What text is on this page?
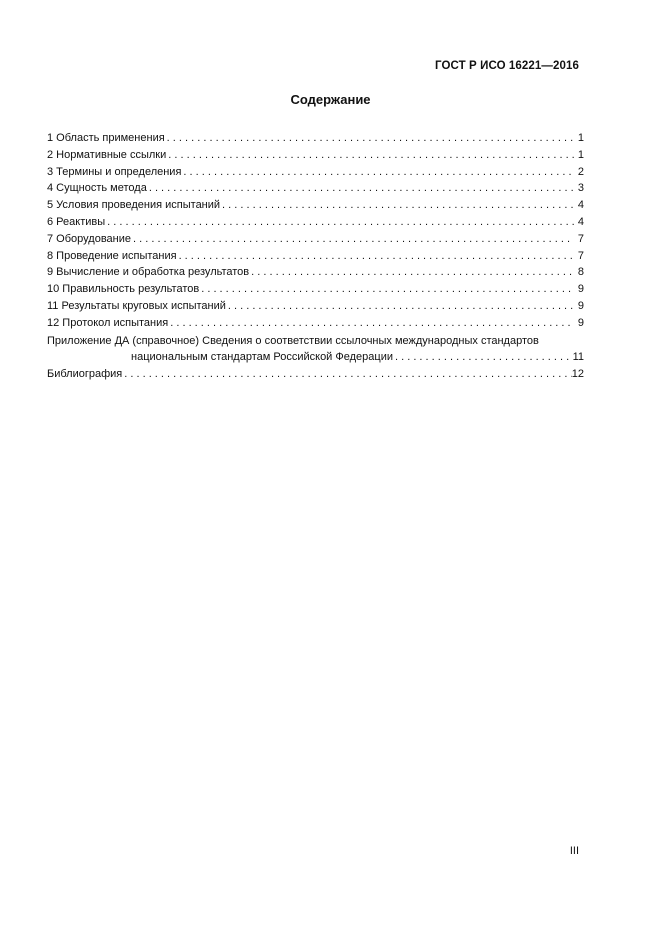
ГОСТ Р ИСО 16221—2016
Содержание
1 Область применения . . .	1
2 Нормативные ссылки . . .	1
3 Термины и определения . . .	2
4 Сущность метода . . .	3
5 Условия проведения испытаний . . .	4
6 Реактивы . . .	4
7 Оборудование . . .	7
8 Проведение испытания . . .	7
9 Вычисление и обработка результатов . . .	8
10 Правильность результатов . . .	9
11 Результаты круговых испытаний . . .	9
12 Протокол испытания . . .	9
Приложение ДА (справочное) Сведения о соответствии ссылочных международных стандартов
национальным стандартам Российской Федерации . . .	11
Библиография . . .	12
III
